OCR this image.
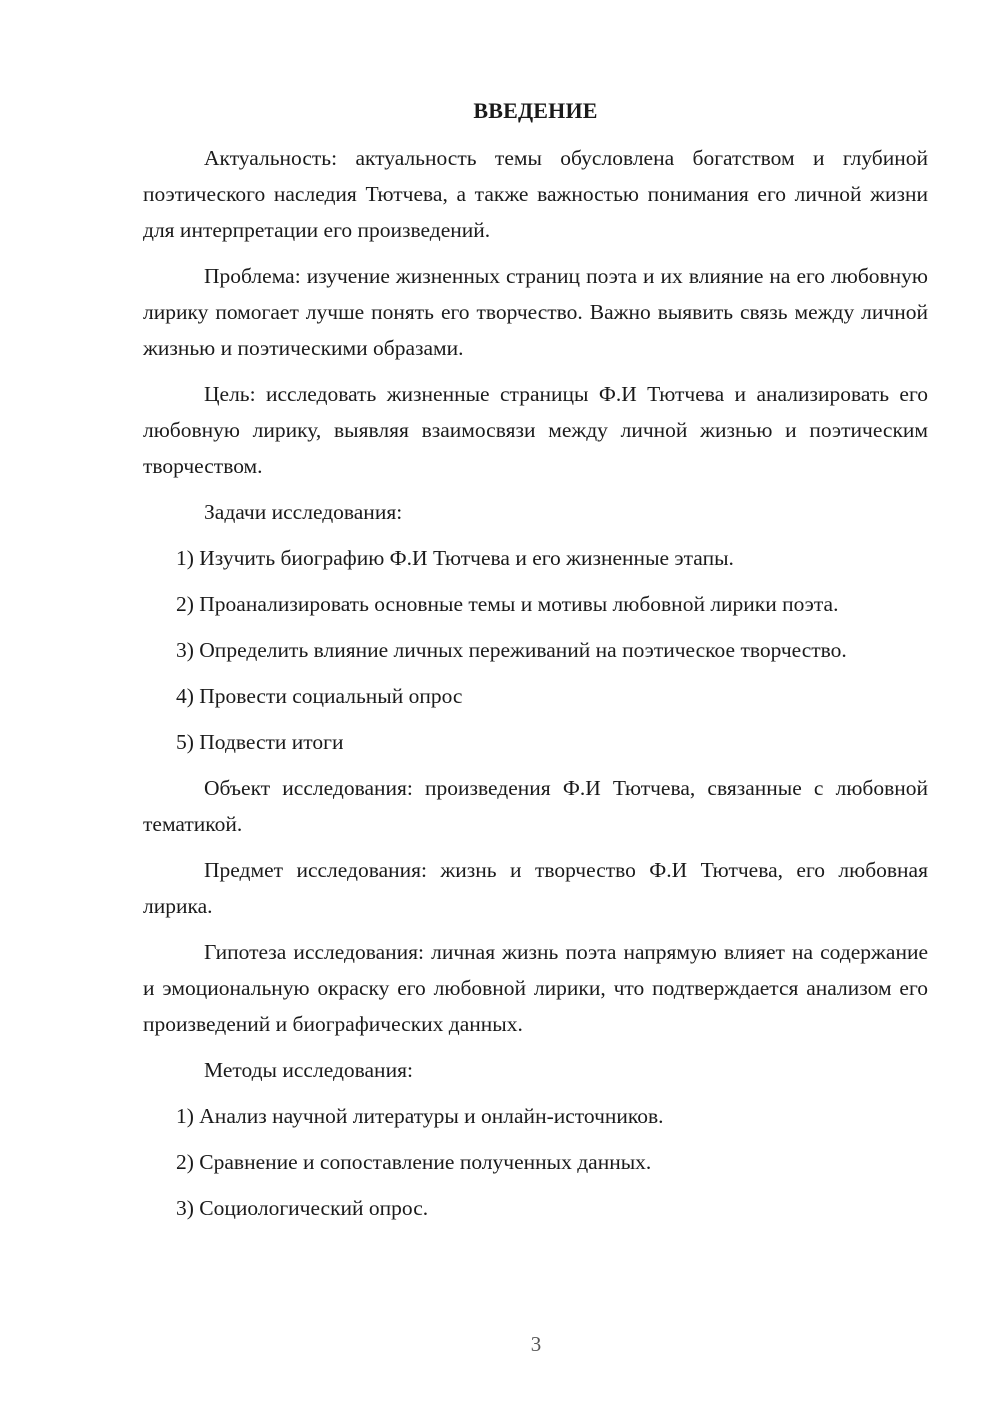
ВВЕДЕНИЕ

Актуальность: актуальность темы обусловлена богатством и глубиной поэтического наследия Тютчева, а также важностью понимания его личной жизни для интерпретации его произведений.

Проблема: изучение жизненных страниц поэта и их влияние на его любовную лирику помогает лучше понять его творчество. Важно выявить связь между личной жизнью и поэтическими образами.

Цель: исследовать жизненные страницы Ф.И Тютчева и анализировать его любовную лирику, выявляя взаимосвязи между личной жизнью и поэтическим творчеством.

Задачи исследования:

1) Изучить биографию Ф.И Тютчева и его жизненные этапы.

2) Проанализировать основные темы и мотивы любовной лирики поэта.

3) Определить влияние личных переживаний на поэтическое творчество.

4) Провести социальный опрос

5) Подвести итоги

Объект исследования: произведения Ф.И Тютчева, связанные с любовной тематикой.

Предмет исследования: жизнь и творчество Ф.И Тютчева, его любовная лирика.

Гипотеза исследования: личная жизнь поэта напрямую влияет на содержание и эмоциональную окраску его любовной лирики, что подтверждается анализом его произведений и биографических данных.

Методы исследования:

1) Анализ научной литературы и онлайн-источников.

2) Сравнение и сопоставление полученных данных.

3) Социологический опрос.

3
